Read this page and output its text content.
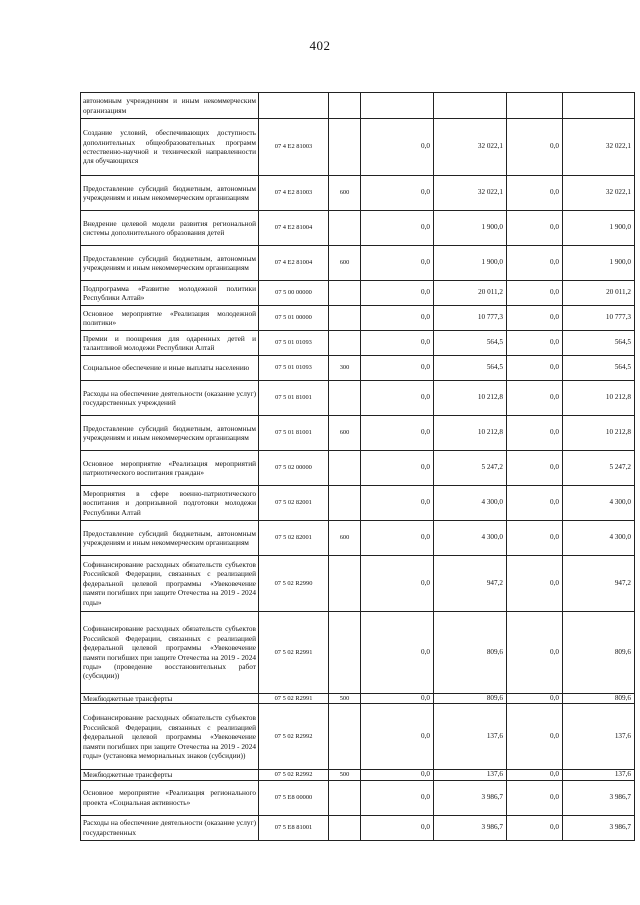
402
автономным учреждениям и иным некоммерческим организациям						
Создание условий, обеспечивающих доступность дополнительных общеобразовательных программ естественно-научной и технической направленности для обучающихся	07 4 E2 81003		0,0	32 022,1	0,0	32 022,1
Предоставление субсидий бюджетным, автономным учреждениям и иным некоммерческим организациям	07 4 E2 81003	600	0,0	32 022,1	0,0	32 022,1
Внедрение целевой модели развития региональной системы дополнительного образования детей	07 4 E2 81004		0,0	1 900,0	0,0	1 900,0
Предоставление субсидий бюджетным, автономным учреждениям и иным некоммерческим организациям	07 4 E2 81004	600	0,0	1 900,0	0,0	1 900,0
Подпрограмма «Развитие молодежной политики Республики Алтай»	07 5 00 00000		0,0	20 011,2	0,0	20 011,2
Основное мероприятие «Реализация молодежной политики»	07 5 01 00000		0,0	10 777,3	0,0	10 777,3
Премии и поощрения для одаренных детей и талантливой молодежи Республики Алтай	07 5 01 01093		0,0	564,5	0,0	564,5
Социальное обеспечение и иные выплаты населению	07 5 01 01093	300	0,0	564,5	0,0	564,5
Расходы на обеспечение деятельности (оказание услуг) государственных учреждений	07 5 01 81001		0,0	10 212,8	0,0	10 212,8
Предоставление субсидий бюджетным, автономным учреждениям и иным некоммерческим организациям	07 5 01 81001	600	0,0	10 212,8	0,0	10 212,8
Основное мероприятие «Реализация мероприятий патриотического воспитания граждан»	07 5 02 00000		0,0	5 247,2	0,0	5 247,2
Мероприятия в сфере военно-патриотического воспитания и допризывной подготовки молодежи Республики Алтай	07 5 02 82001		0,0	4 300,0	0,0	4 300,0
Предоставление субсидий бюджетным, автономным учреждениям и иным некоммерческим организациям	07 5 02 82001	600	0,0	4 300,0	0,0	4 300,0
Софинансирование расходных обязательств субъектов Российской Федерации, связанных с реализацией федеральной целевой программы «Увековечение памяти погибших при защите Отечества на 2019 - 2024 годы»	07 5 02 R2990		0,0	947,2	0,0	947,2
Софинансирование расходных обязательств субъектов Российской Федерации, связанных с реализацией федеральной целевой программы «Увековечение памяти погибших при защите Отечества на 2019 - 2024 годы» (проведение восстановительных работ (субсидии))	07 5 02 R2991		0,0	809,6	0,0	809,6
Межбюджетные трансферты	07 5 02 R2991	500	0,0	809,6	0,0	809,6
Софинансирование расходных обязательств субъектов Российской Федерации, связанных с реализацией федеральной целевой программы «Увековечение памяти погибших при защите Отечества на 2019 - 2024 годы» (установка мемориальных знаков (субсидии))	07 5 02 R2992		0,0	137,6	0,0	137,6
Межбюджетные трансферты	07 5 02 R2992	500	0,0	137,6	0,0	137,6
Основное мероприятие «Реализация регионального проекта «Социальная активность»	07 5 E8 00000		0,0	3 986,7	0,0	3 986,7
Расходы на обеспечение деятельности (оказание услуг) государственных	07 5 E8 81001		0,0	3 986,7	0,0	3 986,7
